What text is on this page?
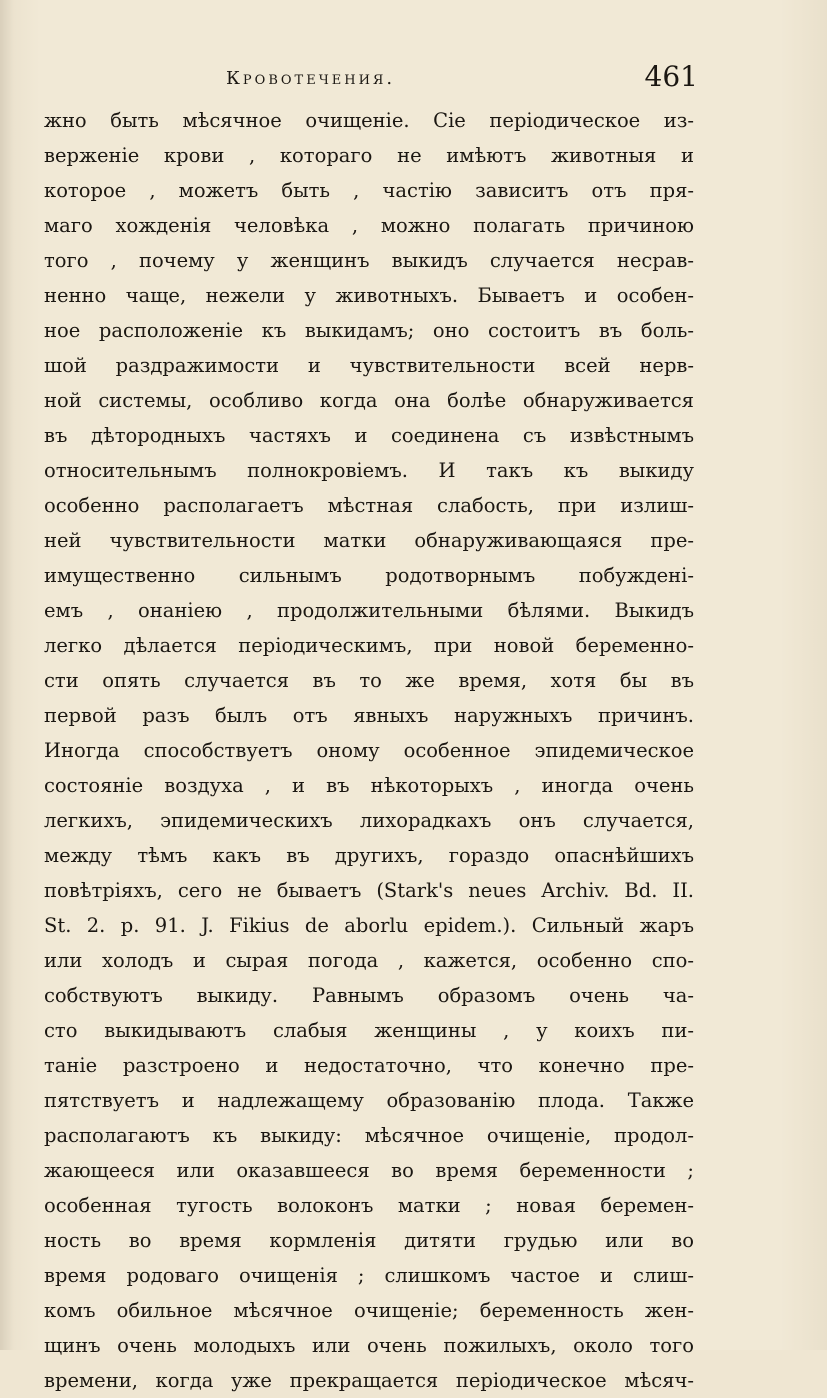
Кровотечения.	461
жно быть мѣсячное очищеніе. Сіе періодическое из-
верженіе крови , котораго не имѣютъ животныя и
которое , можетъ быть , частію зависитъ отъ пря-
маго хожденія человѣка , можно полагать причиною
того , почему у женщинъ выкидъ случается несрав-
ненно чаще, нежели у животныхъ. Бываетъ и особен-
ное расположеніе къ выкидамъ; оно состоитъ въ боль-
шой раздражимости и чувствительности всей нерв-
ной системы, особливо когда она болѣе обнаруживается
въ дѣтородныхъ частяхъ и соединена съ извѣстнымъ
относительнымъ полнокровіемъ. И такъ къ выкиду
особенно располагаетъ мѣстная слабость, при излиш-
ней чувствительности матки обнаруживающаяся пре-
имущественно сильнымъ родотворнымъ побужденi-
емъ , онаніею , продолжительными бѣлями. Выкидъ
легко дѣлается періодическимъ, при новой беременно-
сти опять случается въ то же время, хотя бы въ
первой разъ былъ отъ явныхъ наружныхъ причинъ.
Иногда способствуетъ оному особенное эпидемическое
состояніе воздуха , и въ нѣкоторыхъ , иногда очень
легкихъ, эпидемическихъ лихорадкахъ онъ случается,
между тѣмъ какъ въ другихъ, гораздо опаснѣйшихъ
повѣтріяхъ, сего не бываетъ (Stark's neues Archiv. Bd. II.
St. 2. p. 91. J. Fikius de aborlu epidem.). Сильный жаръ
или холодъ и сырая погода , кажется, особенно спо-
собствуютъ выкиду. Равнымъ образомъ очень ча-
сто выкидываютъ слабыя женщины , у коихъ пи-
таніе разстроено и недостаточно, что конечно пре-
пятствуетъ и надлежащему образованію плода. Также
располагаютъ къ выкиду: мѣсячное очищеніе, продол-
жающееся или оказавшееся во время беременности ;
особенная тугость волоконъ матки ; новая беремен-
ность во время кормленія дитяти грудью или во
время родоваго очищенія ; слишкомъ частое и слиш-
комъ обильное мѣсячное очищеніе; беременность жен-
щинъ очень молодыхъ или очень пожилыхъ, около того
времени, когда уже прекращается періодическое мѣсяч-
